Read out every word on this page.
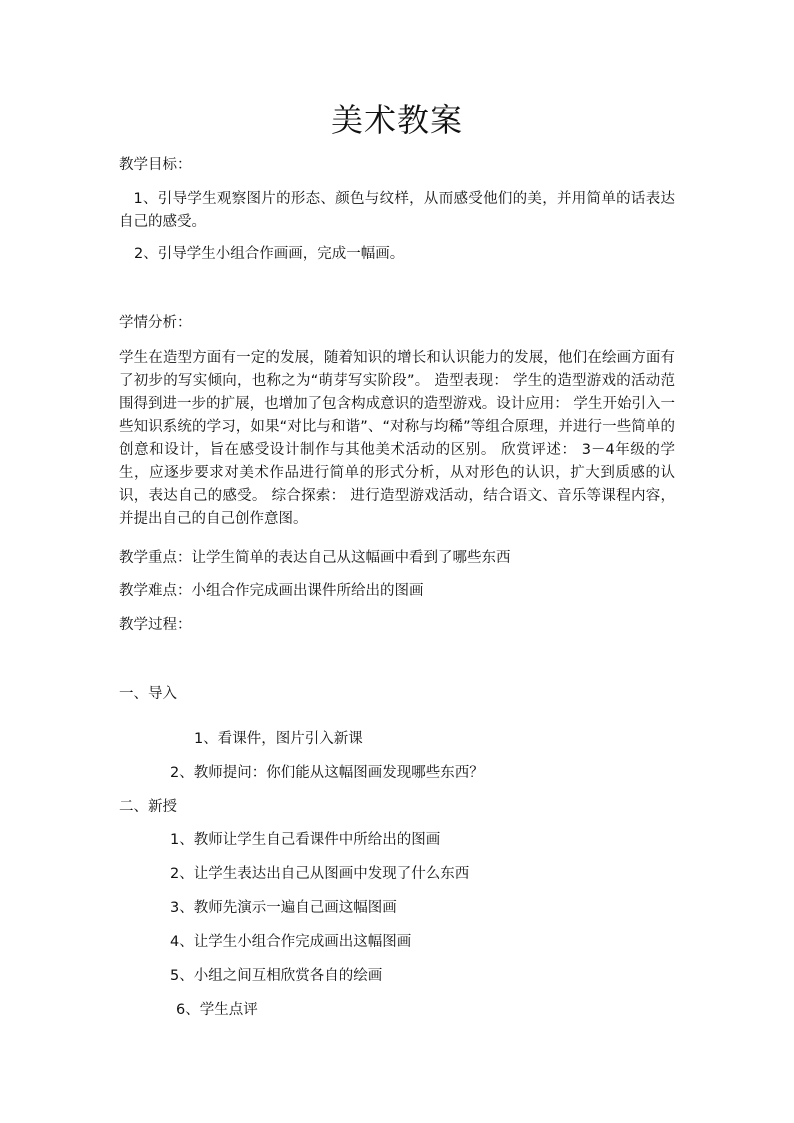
美术教案

教学目标：

1、引导学生观察图片的形态、颜色与纹样，从而感受他们的美，并用简单的话表达自己的感受。

2、引导学生小组合作画画，完成一幅画。

学情分析：

学生在造型方面有一定的发展，随着知识的增长和认识能力的发展，他们在绘画方面有了初步的写实倾向，也称之为“萌芽写实阶段”。 造型表现： 学生的造型游戏的活动范围得到进一步的扩展，也增加了包含构成意识的造型游戏。设计应用： 学生开始引入一些知识系统的学习，如果“对比与和谐”、“对称与均稀”等组合原理，并进行一些简单的创意和设计，旨在感受设计制作与其他美术活动的区别。 欣赏评述： 3－4年级的学生，应逐步要求对美术作品进行简单的形式分析，从对形色的认识，扩大到质感的认识，表达自己的感受。 综合探索： 进行造型游戏活动，结合语文、音乐等课程内容，并提出自己的自己创作意图。

教学重点：让学生简单的表达自己从这幅画中看到了哪些东西

教学难点：小组合作完成画出课件所给出的图画

教学过程：

一、导入

1、看课件，图片引入新课

2、教师提问：你们能从这幅图画发现哪些东西？

二、新授

1、教师让学生自己看课件中所给出的图画

2、让学生表达出自己从图画中发现了什么东西

3、教师先演示一遍自己画这幅图画

4、让学生小组合作完成画出这幅图画

5、小组之间互相欣赏各自的绘画

6、学生点评
